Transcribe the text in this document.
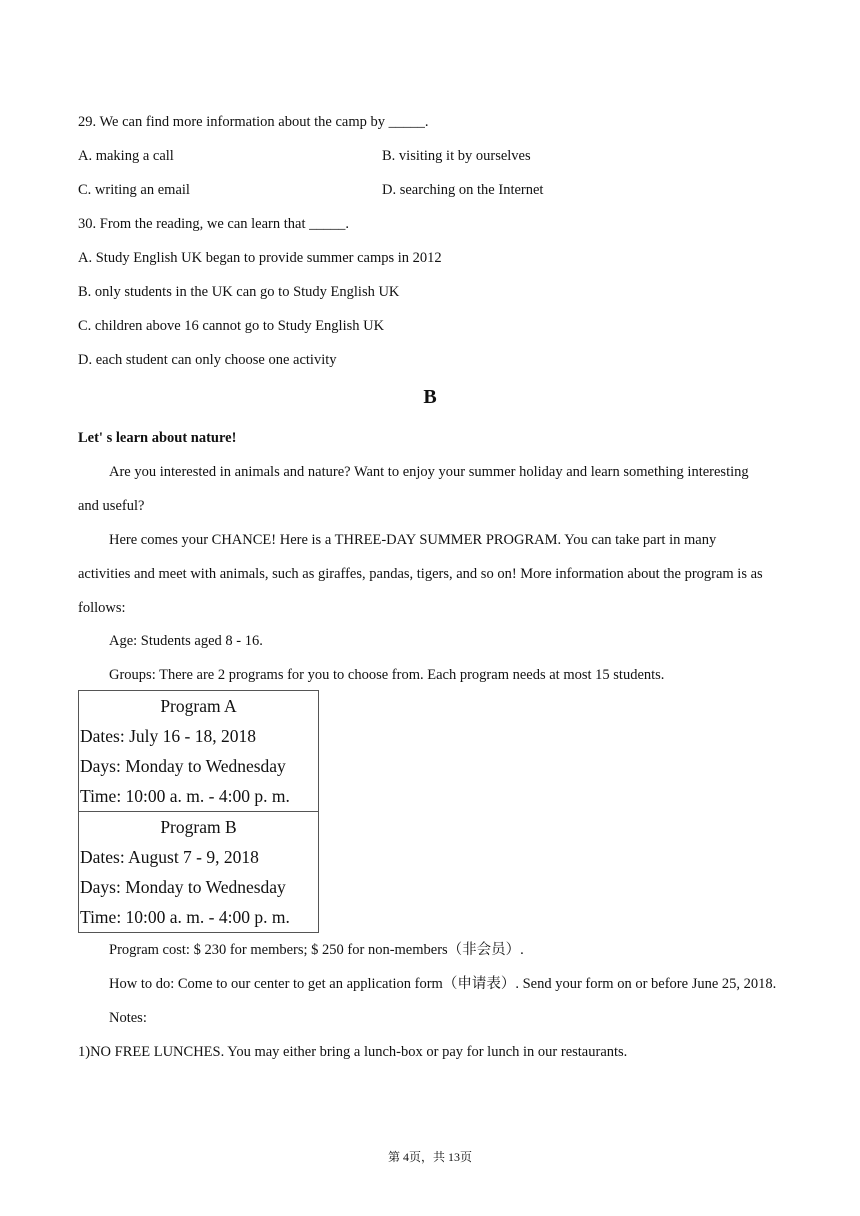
29. We can find more information about the camp by _____.
A. making a call	B. visiting it by ourselves
C. writing an email	D. searching on the Internet
30. From the reading, we can learn that _____.
A. Study English UK began to provide summer camps in 2012
B. only students in the UK can go to Study English UK
C. children above 16 cannot go to Study English UK
D. each student can only choose one activity
B
Let' s learn about nature!
Are you interested in animals and nature? Want to enjoy your summer holiday and learn something interesting
and useful?
Here comes your CHANCE! Here is a THREE-DAY SUMMER PROGRAM. You can take part in many
activities and meet with animals, such as giraffes, pandas, tigers, and so on! More information about the program is as
follows:
Age: Students aged 8 - 16.
Groups: There are 2 programs for you to choose from. Each program needs at most 15 students.
Program A
Dates: July 16 - 18, 2018
Days: Monday to Wednesday
Time: 10:00 a. m. - 4:00 p. m.

Program B
Dates: August 7 - 9, 2018
Days: Monday to Wednesday
Time: 10:00 a. m. - 4:00 p. m.
Program cost: $ 230 for members; $ 250 for non-members（非会员）.
How to do: Come to our center to get an application form（申请表）. Send your form on or before June 25, 2018.
Notes:
1)NO FREE LUNCHES. You may either bring a lunch-box or pay for lunch in our restaurants.
第 4页，共 13页
